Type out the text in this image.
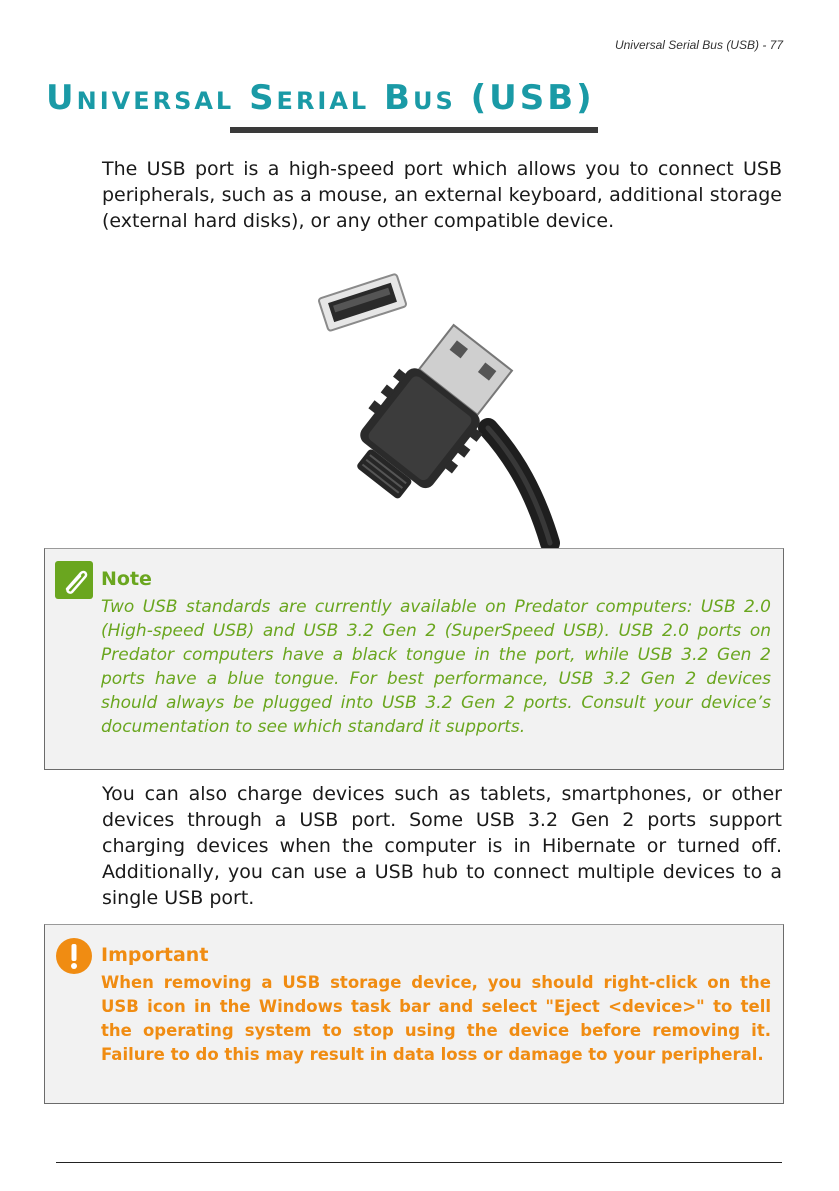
Universal Serial Bus (USB) - 77
Universal Serial Bus (USB)
The USB port is a high-speed port which allows you to connect USB peripherals, such as a mouse, an external keyboard, additional storage (external hard disks), or any other compatible device.
Note
Two USB standards are currently available on Predator computers: USB 2.0 (High-speed USB) and USB 3.2 Gen 2 (SuperSpeed USB). USB 2.0 ports on Predator computers have a black tongue in the port, while USB 3.2 Gen 2 ports have a blue tongue. For best performance, USB 3.2 Gen 2 devices should always be plugged into USB 3.2 Gen 2 ports. Consult your device’s documentation to see which standard it supports.
You can also charge devices such as tablets, smartphones, or other devices through a USB port. Some USB 3.2 Gen 2 ports support charging devices when the computer is in Hibernate or turned off. Additionally, you can use a USB hub to connect multiple devices to a single USB port.
Important
When removing a USB storage device, you should right-click on the USB icon in the Windows task bar and select "Eject <device>" to tell the operating system to stop using the device before removing it. Failure to do this may result in data loss or damage to your peripheral.
